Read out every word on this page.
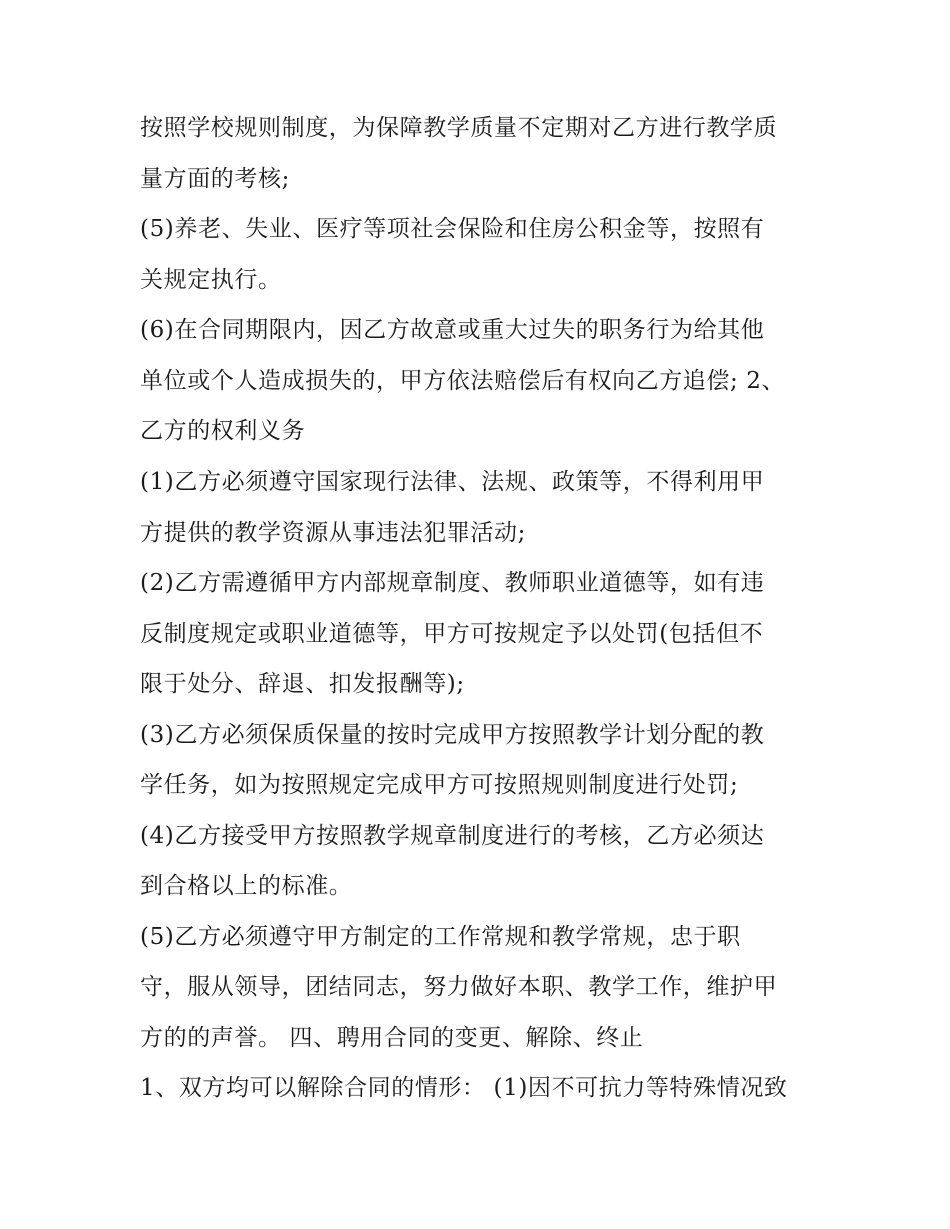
按照学校规则制度，为保障教学质量不定期对乙方进行教学质

量方面的考核;

(5)养老、失业、医疗等项社会保险和住房公积金等，按照有

关规定执行。

(6)在合同期限内，因乙方故意或重大过失的职务行为给其他

单位或个人造成损失的，甲方依法赔偿后有权向乙方追偿; 2、

乙方的权利义务

(1)乙方必须遵守国家现行法律、法规、政策等，不得利用甲

方提供的教学资源从事违法犯罪活动;

(2)乙方需遵循甲方内部规章制度、教师职业道德等，如有违

反制度规定或职业道德等，甲方可按规定予以处罚(包括但不

限于处分、辞退、扣发报酬等);

(3)乙方必须保质保量的按时完成甲方按照教学计划分配的教

学任务，如为按照规定完成甲方可按照规则制度进行处罚;

(4)乙方接受甲方按照教学规章制度进行的考核，乙方必须达

到合格以上的标准。

(5)乙方必须遵守甲方制定的工作常规和教学常规，忠于职

守，服从领导，团结同志，努力做好本职、教学工作，维护甲

方的的声誉。 四、聘用合同的变更、解除、终止

1、双方均可以解除合同的情形： (1)因不可抗力等特殊情况致
